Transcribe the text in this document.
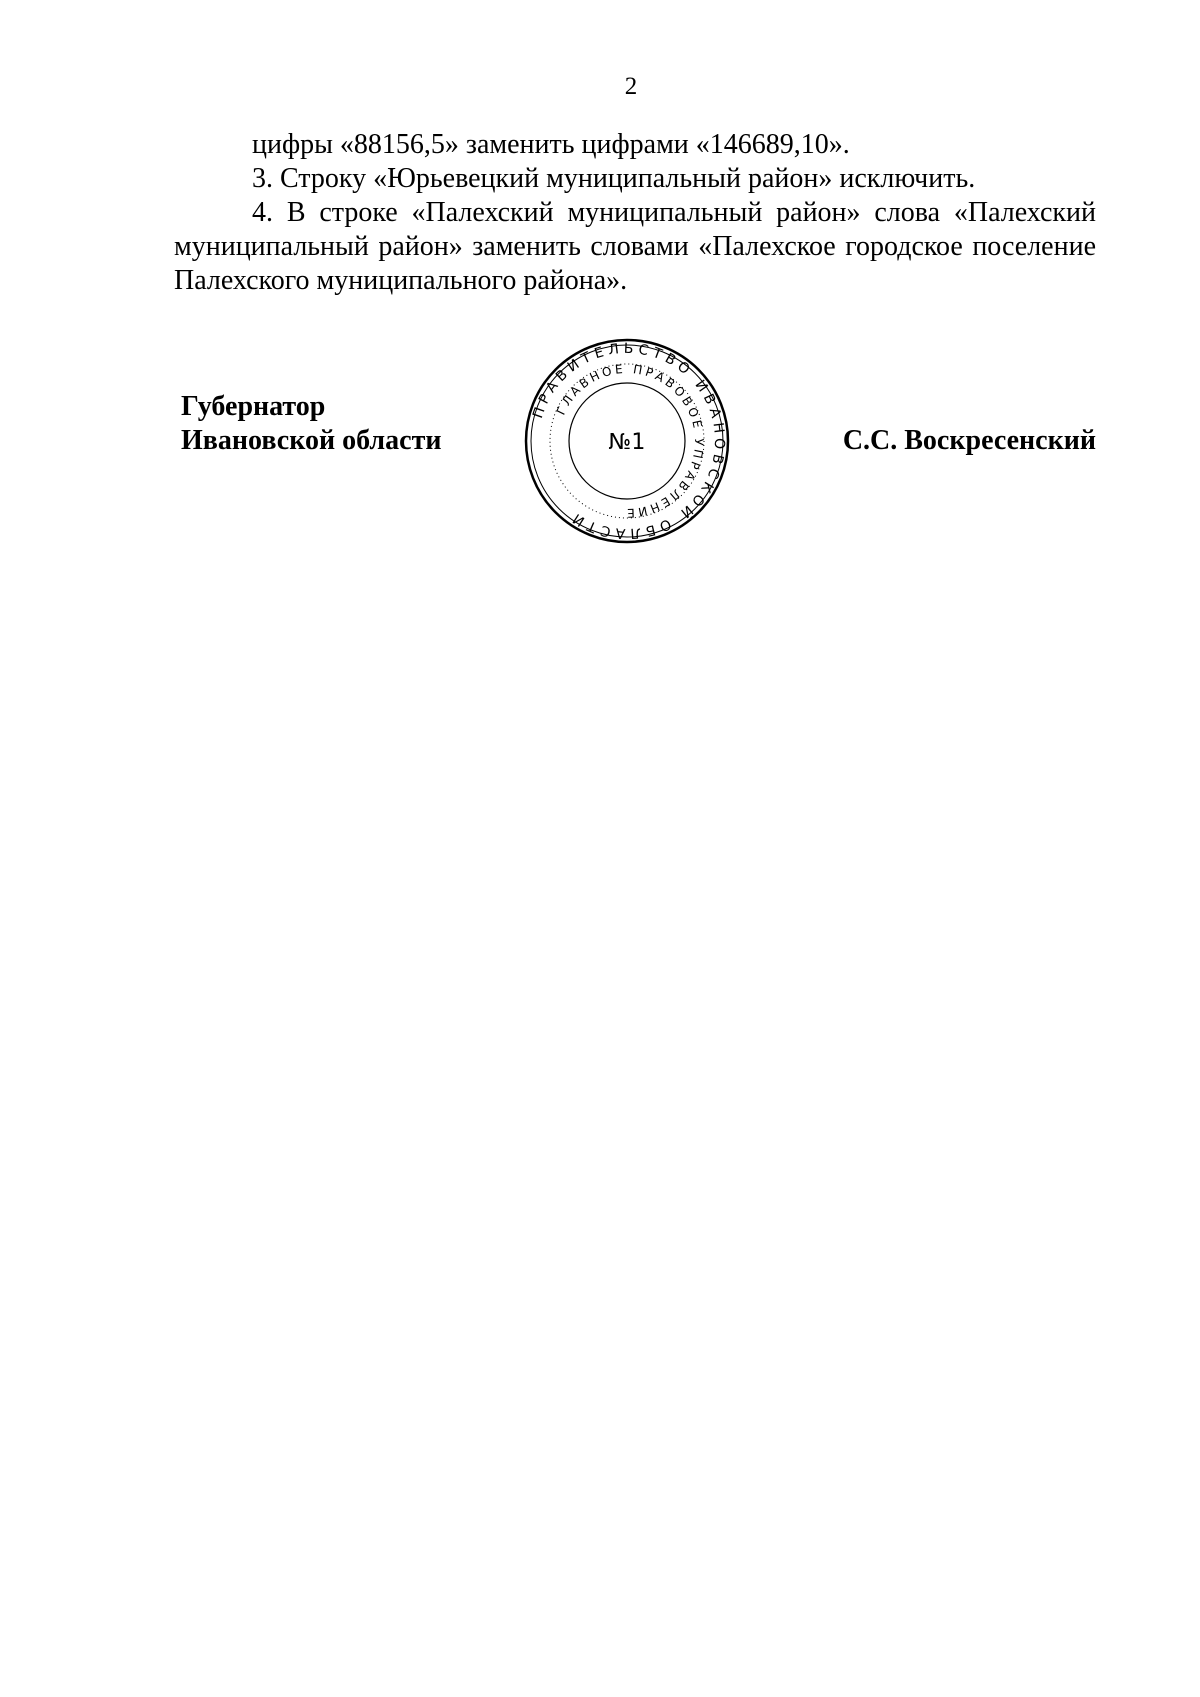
2

цифры «88156,5» заменить цифрами «146689,10».

3. Строку «Юрьевецкий муниципальный район» исключить.

4. В строке «Палехский муниципальный район» слова «Палехский муниципальный район» заменить словами «Палехское городское поселение Палехского муниципального района».

Губернатор
Ивановской области
ПРАВИТЕЛЬСТВО ИВАНОВСКОЙ ОБЛАСТИ
ГЛАВНОЕ ПРАВОВОЕ УПРАВЛЕНИЕ
№1	С.С. Воскресенский
